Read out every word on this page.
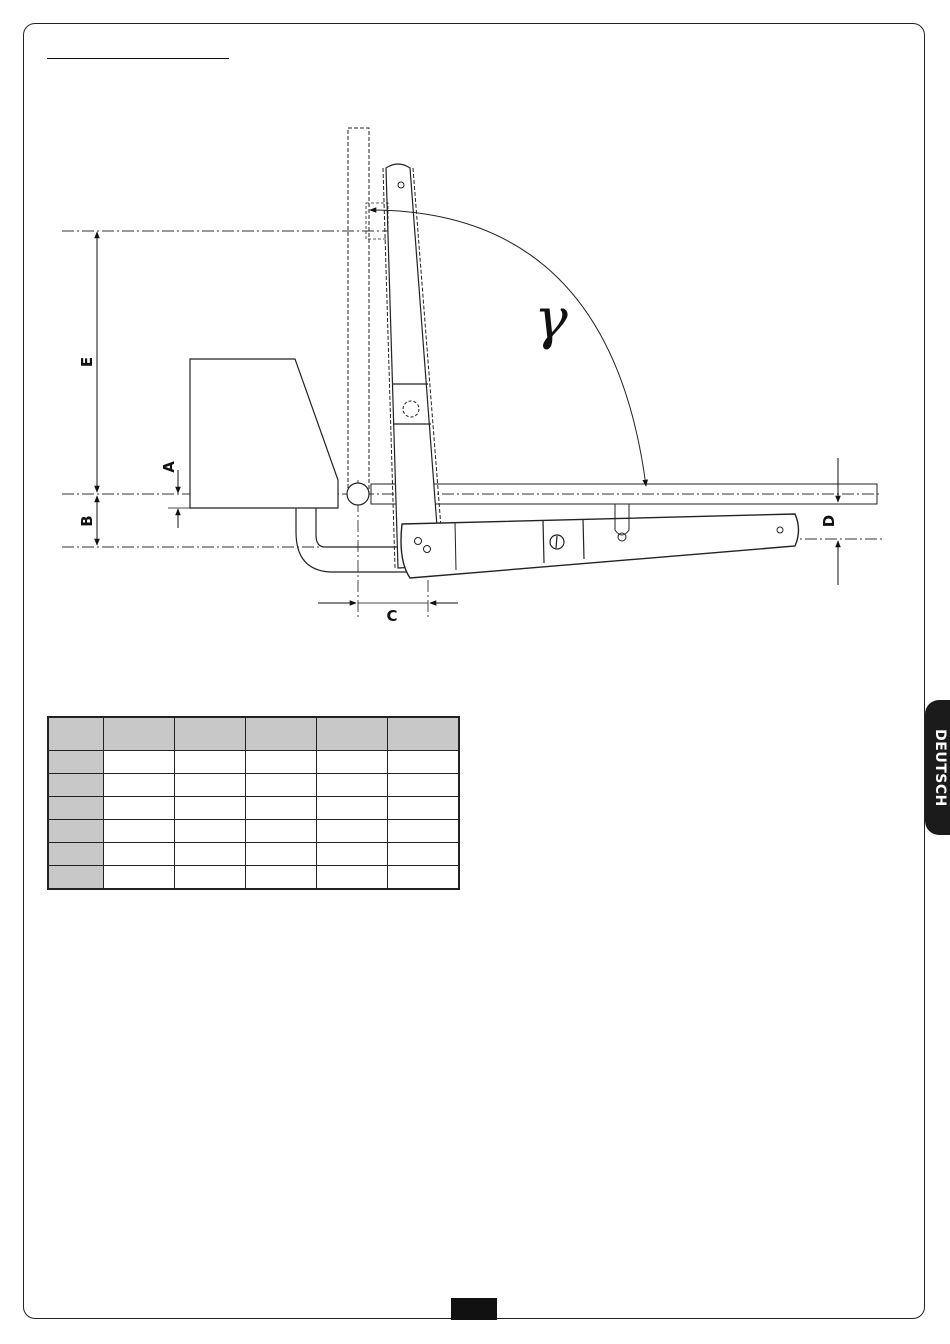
E
B
A
C
D
γ

DEUTSCH
